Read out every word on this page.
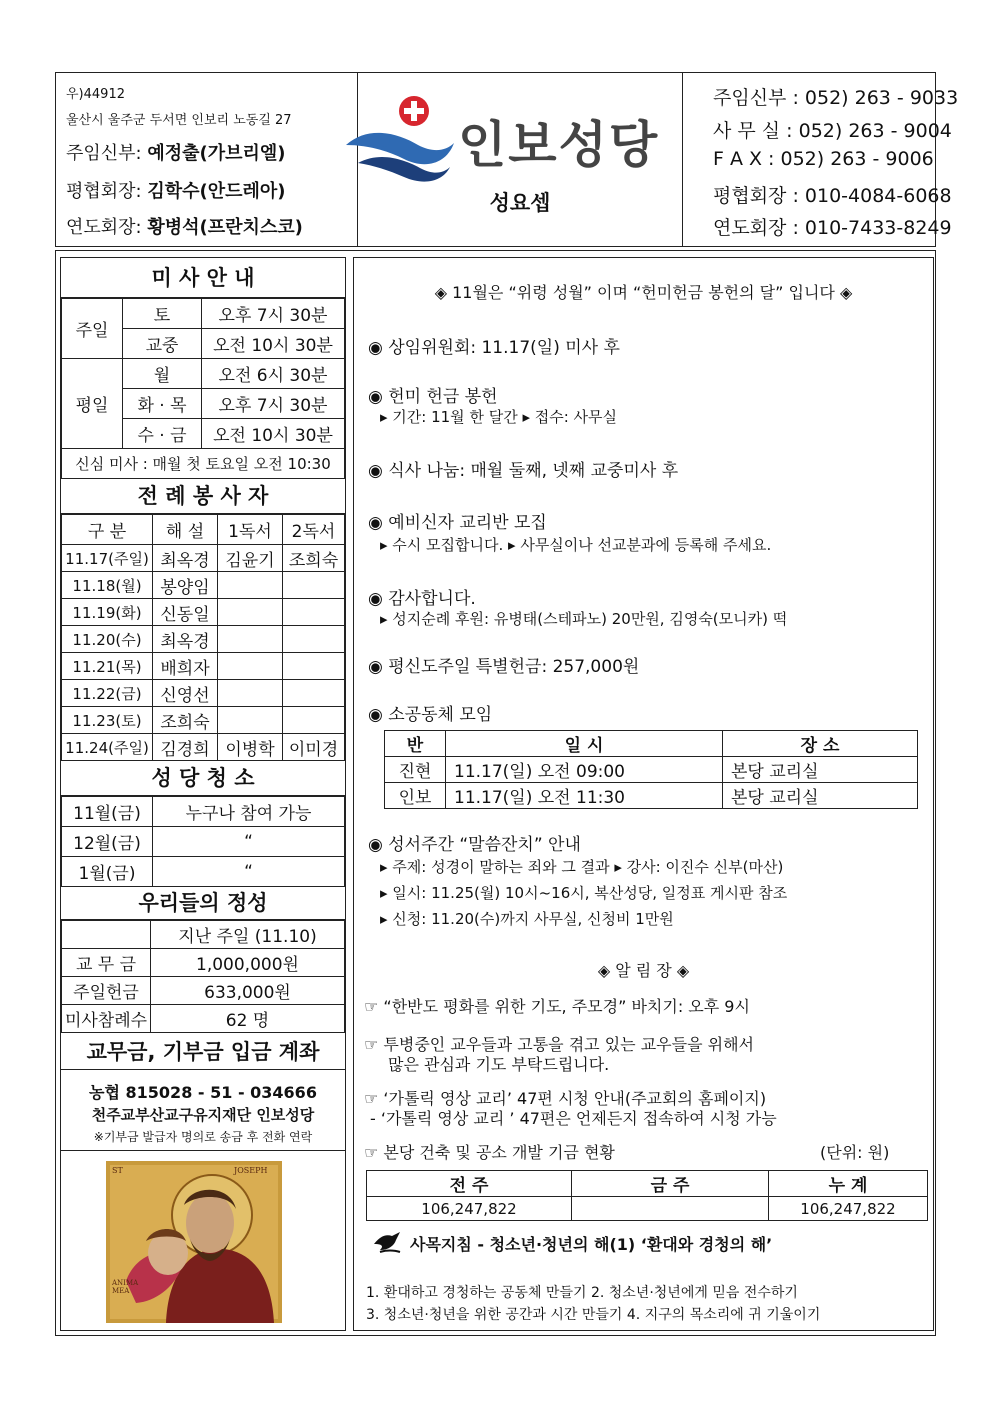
우)44912
울산시 울주군 두서면 인보리 노동길 27
주임신부: 예정출(가브리엘)
평협회장: 김학수(안드레아)
연도회장: 황병석(프란치스코)
인보성당
성요셉
주임신부 : 052) 263 - 9033
사 무 실 : 052) 263 - 9004
F A X : 052) 263 - 9006
평협회장 : 010-4084-6068
연도회장 : 010-7433-8249
미 사 안 내
주일	토	오후 7시 30분
	교중	오전 10시 30분
평일	월	오전 6시 30분
	화 · 목	오후 7시 30분
	수 · 금	오전 10시 30분
신심 미사 : 매월 첫 토요일 오전 10:30		
전 례 봉 사 자
구 분	해 설	1독서	2독서
11.17(주일)	최옥경	김윤기	조희숙
11.18(월)	봉양임		
11.19(화)	신동일		
11.20(수)	최옥경		
11.21(목)	배희자		
11.22(금)	신영선		
11.23(토)	조희숙		
11.24(주일)	김경희	이병학	이미경
성 당 청 소
11월(금)	누구나 참여 가능
12월(금)	“
1월(금)	“
우리들의 정성
	지난 주일 (11.10)
교 무 금	1,000,000원
주일헌금	633,000원
미사참례수	62 명
교무금, 기부금 입금 계좌
농협 815028 - 51 - 034666
천주교부산교구유지재단 인보성당
※기부금 발급자 명의로 송금 후 전화 연락
ST	JOSEPH
ANIMA MEA
◈ 11월은 “위령 성월” 이며 “헌미헌금 봉헌의 달” 입니다 ◈
◉ 상임위원회: 11.17(일) 미사 후
◉ 헌미 헌금 봉헌
▸ 기간: 11월 한 달간 ▸ 접수: 사무실
◉ 식사 나눔: 매월 둘째, 넷째 교중미사 후
◉ 예비신자 교리반 모집
▸ 수시 모집합니다. ▸ 사무실이나 선교분과에 등록해 주세요.
◉ 감사합니다.
▸ 성지순례 후원: 유병태(스테파노) 20만원, 김영숙(모니카) 떡
◉ 평신도주일 특별헌금: 257,000원
◉ 소공동체 모임
반	일 시	장 소
진현	11.17(일) 오전 09:00	본당 교리실
인보	11.17(일) 오전 11:30	본당 교리실
◉ 성서주간 “말씀잔치” 안내
▸ 주제: 성경이 말하는 죄와 그 결과 ▸ 강사: 이진수 신부(마산)
▸ 일시: 11.25(월) 10시~16시, 복산성당, 일정표 게시판 참조
▸ 신청: 11.20(수)까지 사무실, 신청비 1만원
◈ 알 림 장 ◈
☞ “한반도 평화를 위한 기도, 주모경” 바치기: 오후 9시
☞ 투병중인 교우들과 고통을 겪고 있는 교우들을 위해서
많은 관심과 기도 부탁드립니다.
☞ ‘가톨릭 영상 교리’ 47편 시청 안내(주교회의 홈페이지)
- ‘가톨릭 영상 교리 ’ 47편은 언제든지 접속하여 시청 가능
☞ 본당 건축 및 공소 개발 기금 현황	(단위: 원)
전 주	금 주	누 계
106,247,822		106,247,822
사목지침 - 청소년·청년의 해(1) ‘환대와 경청의 해’
1. 환대하고 경청하는 공동체 만들기 2. 청소년·청년에게 믿음 전수하기
3. 청소년·청년을 위한 공간과 시간 만들기 4. 지구의 목소리에 귀 기울이기
